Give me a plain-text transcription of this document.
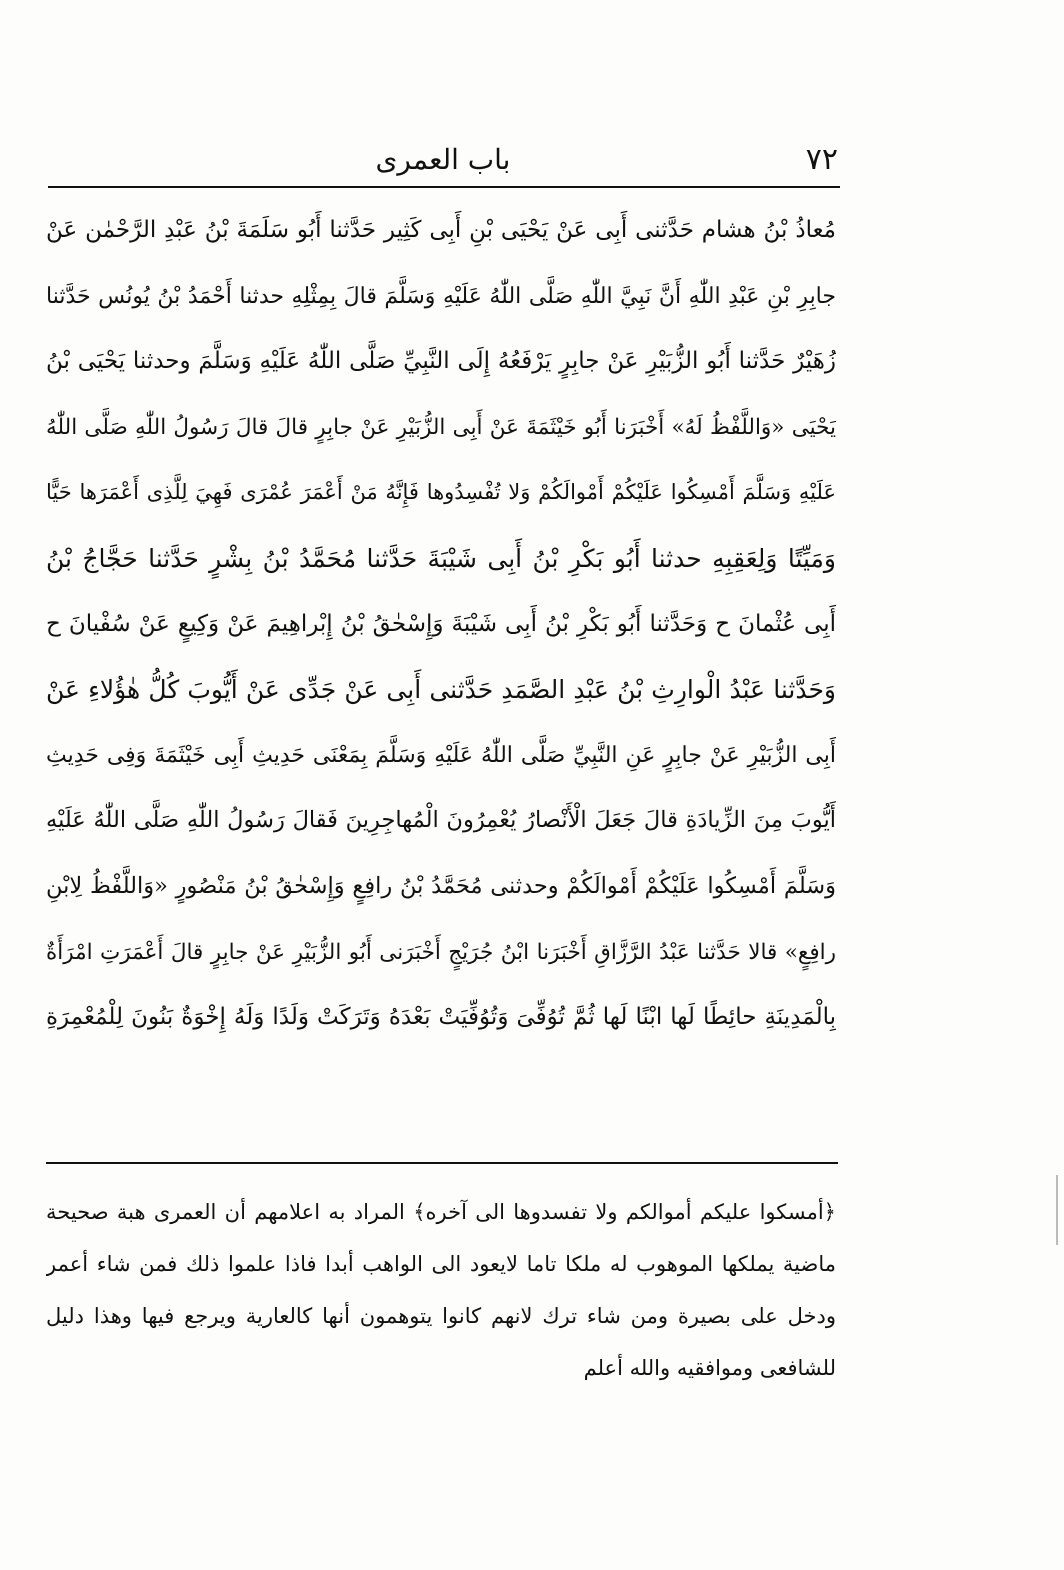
٧٢
باب العمرى
مُعاذُ بْنُ هشام حَدَّثنى أَبِى عَنْ يَحْيَى بْنِ أَبِى كَثِير حَدَّثنا أَبُو سَلَمَةَ بْنُ عَبْدِ الرَّحْمٰن عَنْ
جابِرِ بْنِ عَبْدِ اللّٰهِ أَنَّ نَبِيَّ اللّٰهِ صَلَّى اللّٰهُ عَلَيْهِ وَسَلَّمَ قالَ بِمِثْلِهِ حدثنا أَحْمَدُ بْنُ يُونُس حَدَّثنا
زُهَيْرٌ حَدَّثنا أَبُو الزُّبَيْرِ عَنْ جابِرٍ يَرْفَعُهُ إِلَى النَّبِيِّ صَلَّى اللّٰهُ عَلَيْهِ وَسَلَّمَ وحدثنا يَحْيَى بْنُ
يَحْيَى «وَاللَّفْظُ لَهُ» أَخْبَرَنا أَبُو خَيْثَمَةَ عَنْ أَبِى الزُّبَيْرِ عَنْ جابِرٍ قالَ قالَ رَسُولُ اللّٰهِ صَلَّى اللّٰهُ
عَلَيْهِ وَسَلَّمَ أَمْسِكُوا عَلَيْكُمْ أَمْوالَكُمْ وَلا تُفْسِدُوها فَإِنَّهُ مَنْ أَعْمَرَ عُمْرَى فَهِيَ لِلَّذِى أَعْمَرَها حَيًّا
وَمَيِّتًا وَلِعَقِبِهِ حدثنا أَبُو بَكْرِ بْنُ أَبِى شَيْبَةَ حَدَّثنا مُحَمَّدُ بْنُ بِشْرٍ حَدَّثنا حَجَّاجُ بْنُ
أَبِى عُثْمانَ ح وَحَدَّثنا أَبُو بَكْرِ بْنُ أَبِى شَيْبَةَ وَإِسْحٰقُ بْنُ إِبْراهِيمَ عَنْ وَكِيعٍ عَنْ سُفْيانَ ح
وَحَدَّثنا عَبْدُ الْوارِثِ بْنُ عَبْدِ الصَّمَدِ حَدَّثنى أَبِى عَنْ جَدِّى عَنْ أَيُّوبَ كُلُّ هٰؤُلاءِ عَنْ
أَبِى الزُّبَيْرِ عَنْ جابِرٍ عَنِ النَّبِيِّ صَلَّى اللّٰهُ عَلَيْهِ وَسَلَّمَ بِمَعْنَى حَدِيثِ أَبِى خَيْثَمَةَ وَفِى حَدِيثِ
أَيُّوبَ مِنَ الزِّيادَةِ قالَ جَعَلَ الْأَنْصارُ يُعْمِرُونَ الْمُهاجِرِينَ فَقالَ رَسُولُ اللّٰهِ صَلَّى اللّٰهُ عَلَيْهِ
وَسَلَّمَ أَمْسِكُوا عَلَيْكُمْ أَمْوالَكُمْ وحدثنى مُحَمَّدُ بْنُ رافِعٍ وَإِسْحٰقُ بْنُ مَنْصُورٍ «وَاللَّفْظُ لِابْنِ
رافِعٍ» قالا حَدَّثنا عَبْدُ الرَّزَّاقِ أَخْبَرَنا ابْنُ جُرَيْجٍ أَخْبَرَنى أَبُو الزُّبَيْرِ عَنْ جابِرٍ قالَ أَعْمَرَتِ امْرَأَةٌ
بِالْمَدِينَةِ حائِطًا لَها ابْنًا لَها ثُمَّ تُوُفِّىَ وَتُوُفِّيَتْ بَعْدَهُ وَتَرَكَتْ وَلَدًا وَلَهُ إِخْوَةٌ بَنُونَ لِلْمُعْمِرَةِ
﴿أمسكوا عليكم أموالكم ولا تفسدوها الى آخره﴾ المراد به اعلامهم أن العمرى هبة صحيحة
ماضية يملكها الموهوب له ملكا تاما لايعود الى الواهب أبدا فاذا علموا ذلك فمن شاء أعمر
ودخل على بصيرة ومن شاء ترك لانهم كانوا يتوهمون أنها كالعارية ويرجع فيها وهذا دليل
للشافعى وموافقيه والله أعلم
